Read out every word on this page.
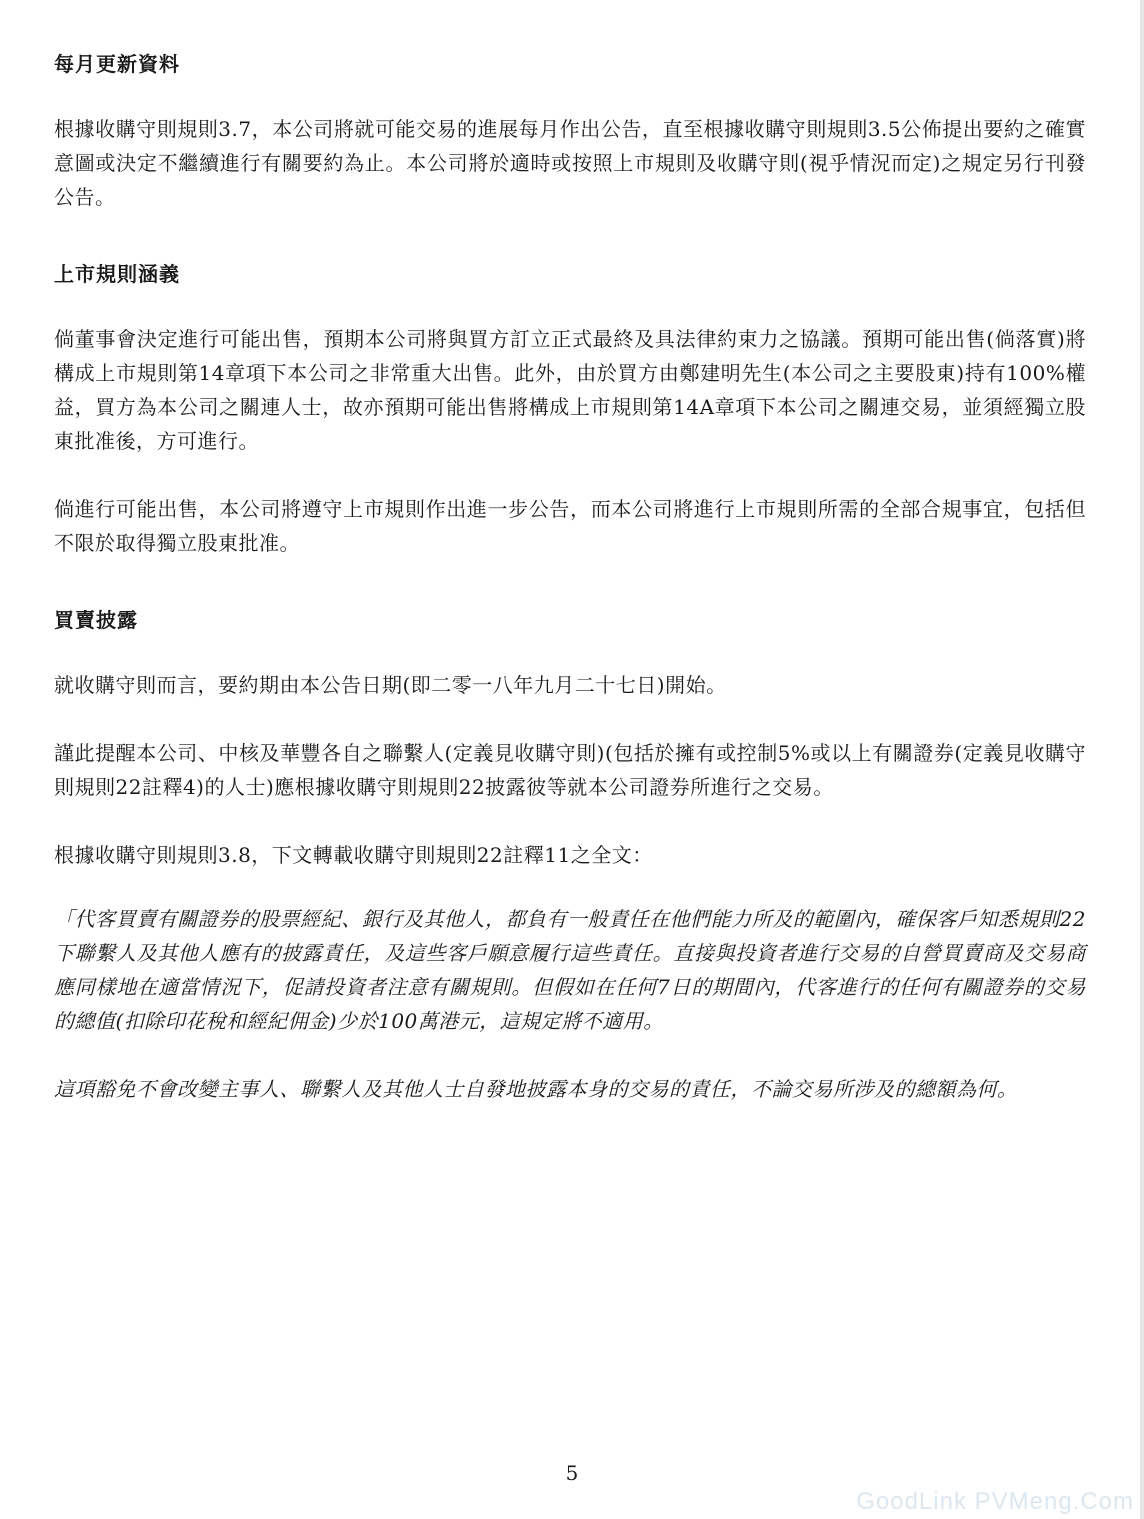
每月更新資料

根據收購守則規則3.7，本公司將就可能交易的進展每月作出公告，直至根據收購守則規則3.5公佈提出要約之確實意圖或決定不繼續進行有關要約為止。本公司將於適時或按照上市規則及收購守則(視乎情況而定)之規定另行刊發公告。

上市規則涵義

倘董事會決定進行可能出售，預期本公司將與買方訂立正式最終及具法律約束力之協議。預期可能出售(倘落實)將構成上市規則第14章項下本公司之非常重大出售。此外，由於買方由鄭建明先生(本公司之主要股東)持有100%權益，買方為本公司之關連人士，故亦預期可能出售將構成上市規則第14A章項下本公司之關連交易，並須經獨立股東批准後，方可進行。

倘進行可能出售，本公司將遵守上市規則作出進一步公告，而本公司將進行上市規則所需的全部合規事宜，包括但不限於取得獨立股東批准。

買賣披露

就收購守則而言，要約期由本公告日期(即二零一八年九月二十七日)開始。

謹此提醒本公司、中核及華豐各自之聯繫人(定義見收購守則)(包括於擁有或控制5%或以上有關證券(定義見收購守則規則22註釋4)的人士)應根據收購守則規則22披露彼等就本公司證券所進行之交易。

根據收購守則規則3.8，下文轉載收購守則規則22註釋11之全文：

「代客買賣有關證券的股票經紀、銀行及其他人，都負有一般責任在他們能力所及的範圍內，確保客戶知悉規則22下聯繫人及其他人應有的披露責任，及這些客戶願意履行這些責任。直接與投資者進行交易的自營買賣商及交易商應同樣地在適當情況下，促請投資者注意有關規則。但假如在任何7日的期間內，代客進行的任何有關證券的交易的總值(扣除印花稅和經紀佣金)少於100萬港元，這規定將不適用。

這項豁免不會改變主事人、聯繫人及其他人士自發地披露本身的交易的責任，不論交易所涉及的總額為何。

5
GoodLink PVMeng.Com
